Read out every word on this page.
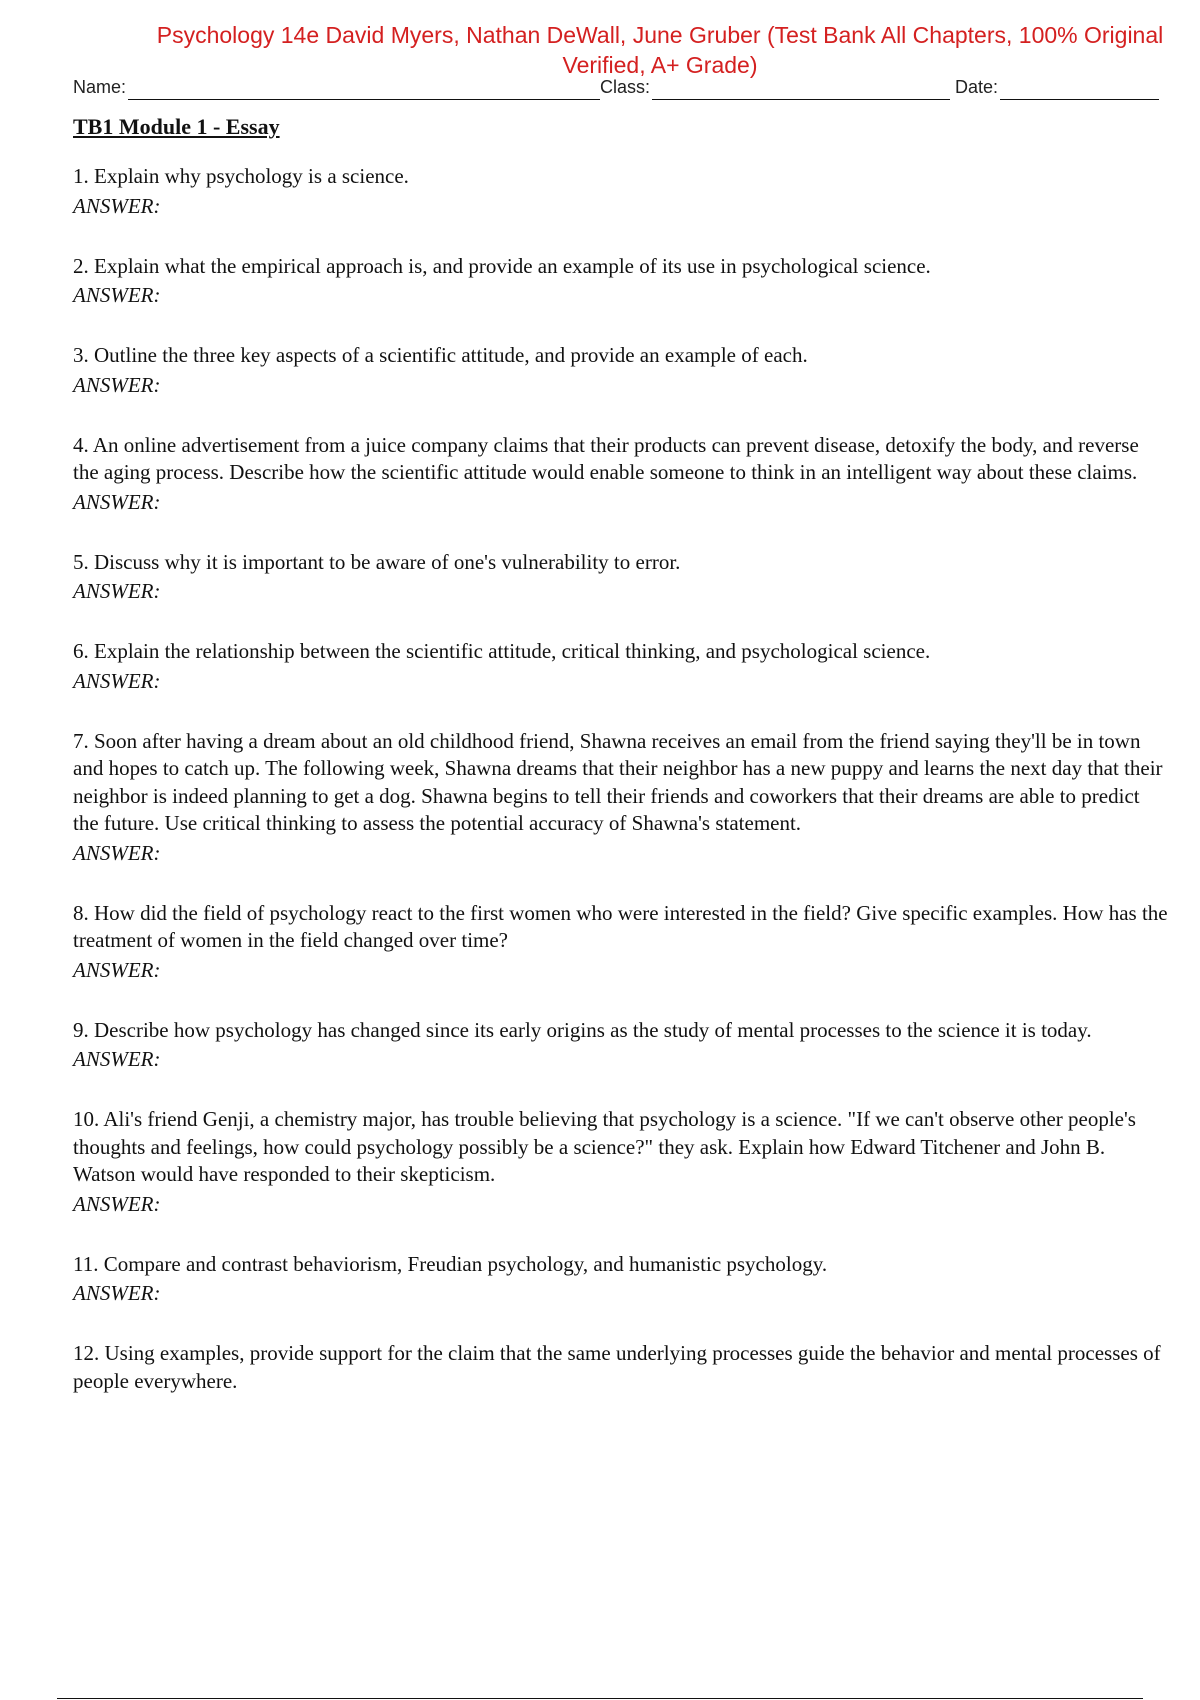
Psychology 14e David Myers, Nathan DeWall, June Gruber (Test Bank All Chapters, 100% Original Verified, A+ Grade)
Name:	Class:	Date:
TB1 Module 1 - Essay

1. Explain why psychology is a science.

ANSWER:

2. Explain what the empirical approach is, and provide an example of its use in psychological science.

ANSWER:

3. Outline the three key aspects of a scientific attitude, and provide an example of each.

ANSWER:

4. An online advertisement from a juice company claims that their products can prevent disease, detoxify the body, and reverse the aging process. Describe how the scientific attitude would enable someone to think in an intelligent way about these claims.

ANSWER:

5. Discuss why it is important to be aware of one's vulnerability to error.

ANSWER:

6. Explain the relationship between the scientific attitude, critical thinking, and psychological science.

ANSWER:

7. Soon after having a dream about an old childhood friend, Shawna receives an email from the friend saying they'll be in town and hopes to catch up. The following week, Shawna dreams that their neighbor has a new puppy and learns the next day that their neighbor is indeed planning to get a dog. Shawna begins to tell their friends and coworkers that their dreams are able to predict the future. Use critical thinking to assess the potential accuracy of Shawna's statement.

ANSWER:

8. How did the field of psychology react to the first women who were interested in the field? Give specific examples. How has the treatment of women in the field changed over time?

ANSWER:

9. Describe how psychology has changed since its early origins as the study of mental processes to the science it is today.

ANSWER:

10. Ali's friend Genji, a chemistry major, has trouble believing that psychology is a science. "If we can't observe other people's thoughts and feelings, how could psychology possibly be a science?" they ask. Explain how Edward Titchener and John B. Watson would have responded to their skepticism.

ANSWER:

11. Compare and contrast behaviorism, Freudian psychology, and humanistic psychology.

ANSWER:

12. Using examples, provide support for the claim that the same underlying processes guide the behavior and mental processes of people everywhere.
